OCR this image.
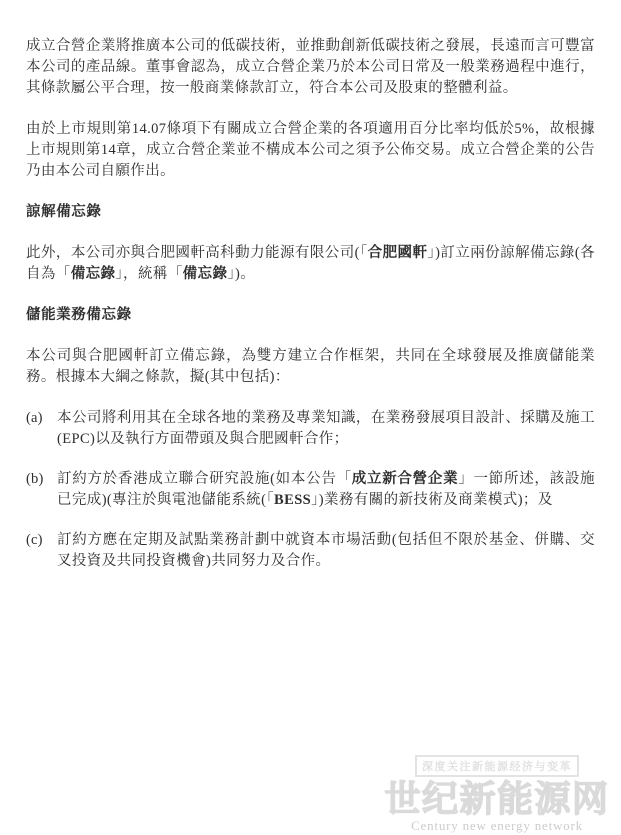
成立合營企業將推廣本公司的低碳技術，並推動創新低碳技術之發展，長遠而言可豐富本公司的產品線。董事會認為，成立合營企業乃於本公司日常及一般業務過程中進行，其條款屬公平合理，按一般商業條款訂立，符合本公司及股東的整體利益。

由於上市規則第14.07條項下有關成立合營企業的各項適用百分比率均低於5%，故根據上市規則第14章，成立合營企業並不構成本公司之須予公佈交易。成立合營企業的公告乃由本公司自願作出。

諒解備忘錄

此外，本公司亦與合肥國軒高科動力能源有限公司(「合肥國軒」)訂立兩份諒解備忘錄(各自為「備忘錄」，統稱「備忘錄」)。

儲能業務備忘錄

本公司與合肥國軒訂立備忘錄，為雙方建立合作框架，共同在全球發展及推廣儲能業務。根據本大綱之條款，擬(其中包括)：

(a) 本公司將利用其在全球各地的業務及專業知識，在業務發展項目設計、採購及施工(EPC)以及執行方面帶頭及與合肥國軒合作；
(b) 訂約方於香港成立聯合研究設施(如本公告「成立新合營企業」一節所述，該設施已完成)(專注於與電池儲能系統(「BESS」)業務有關的新技術及商業模式)；及
(c) 訂約方應在定期及試點業務計劃中就資本市場活動(包括但不限於基金、併購、交叉投資及共同投資機會)共同努力及合作。
深度关注新能源经济与变革
世纪新能源网
Century new energy network
